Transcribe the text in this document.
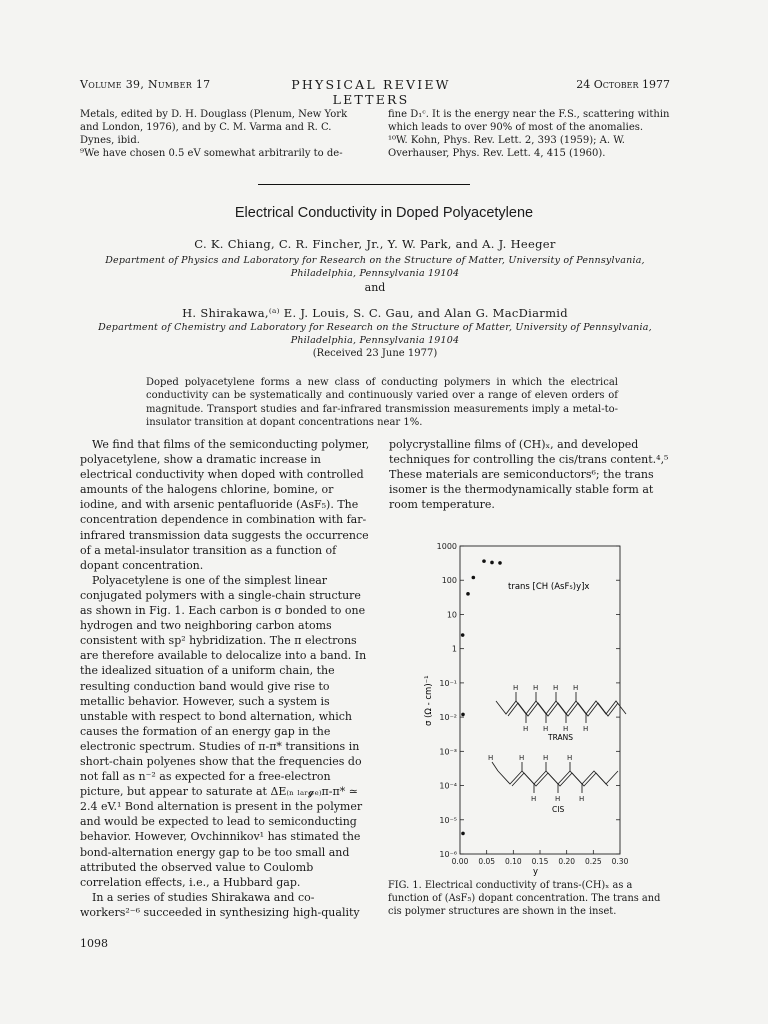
Volume 39, Number 17	PHYSICAL REVIEW LETTERS
24 October 1977

Metals, edited by D. H. Douglass (Plenum, New York and London, 1976), and by C. M. Varma and R. C. Dynes, ibid.

⁹We have chosen 0.5 eV somewhat arbitrarily to de-

fine D₁ᶜ. It is the energy near the F.S., scattering within which leads to over 90% of most of the anomalies.

¹⁰W. Kohn, Phys. Rev. Lett. 2, 393 (1959); A. W. Overhauser, Phys. Rev. Lett. 4, 415 (1960).

Electrical Conductivity in Doped Polyacetylene
C. K. Chiang, C. R. Fincher, Jr., Y. W. Park, and A. J. Heeger
Department of Physics and Laboratory for Research on the Structure of Matter, University of Pennsylvania,
Philadelphia, Pennsylvania 19104
and
H. Shirakawa,⁽ᵃ⁾ E. J. Louis, S. C. Gau, and Alan G. MacDiarmid
Department of Chemistry and Laboratory for Research on the Structure of Matter, University of Pennsylvania,
Philadelphia, Pennsylvania 19104
(Received 23 June 1977)
Doped polyacetylene forms a new class of conducting polymers in which the electrical conductivity can be systematically and continuously varied over a range of eleven orders of magnitude. Transport studies and far-infrared transmission measurements imply a metal-to-insulator transition at dopant concentrations near 1%.

We find that films of the semiconducting polymer, polyacetylene, show a dramatic increase in electrical conductivity when doped with controlled amounts of the halogens chlorine, bomine, or iodine, and with arsenic pentafluoride (AsF₅). The concentration dependence in combination with far-infrared transmission data suggests the occurrence of a metal-insulator transition as a function of dopant concentration.

Polyacetylene is one of the simplest linear conjugated polymers with a single-chain structure as shown in Fig. 1. Each carbon is σ bonded to one hydrogen and two neighboring carbon atoms consistent with sp² hybridization. The π electrons are therefore available to delocalize into a band. In the idealized situation of a uniform chain, the resulting conduction band would give rise to metallic behavior. However, such a system is unstable with respect to bond alternation, which causes the formation of an energy gap in the electronic spectrum. Studies of π-π* transitions in short-chain polyenes show that the frequencies do not fall as n⁻² as expected for a free-electron picture, but appear to saturate at ΔE₍ₙ ₗₐᵣ𝓰ₑ₎π-π* ≃ 2.4 eV.¹ Bond alternation is present in the polymer and would be expected to lead to semiconducting behavior. However, Ovchinnikov¹ has stimated the bond-alternation energy gap to be too small and attributed the observed value to Coulomb correlation effects, i.e., a Hubbard gap.

In a series of studies Shirakawa and co-workers²⁻⁶ succeeded in synthesizing high-quality

polycrystalline films of (CH)ₓ, and developed techniques for controlling the cis/trans content.⁴,⁵ These materials are semiconductors⁶; the trans isomer is the thermodynamically stable form at room temperature.

1000
100
10
1
10⁻¹
10⁻²
10⁻³
10⁻⁴
10⁻⁵
10⁻⁶
0.00 0.05 0.10 0.15 0.20 0.25 0.30
trans [CH (AsF₅)y]x
σ (Ω - cm)⁻¹
y
H H H H
H H H H
TRANS
H	H	H	H
H	H	H
CIS
FIG. 1. Electrical conductivity of trans-(CH)ₓ as a function of (AsF₅) dopant concentration. The trans and cis polymer structures are shown in the inset.
1098
